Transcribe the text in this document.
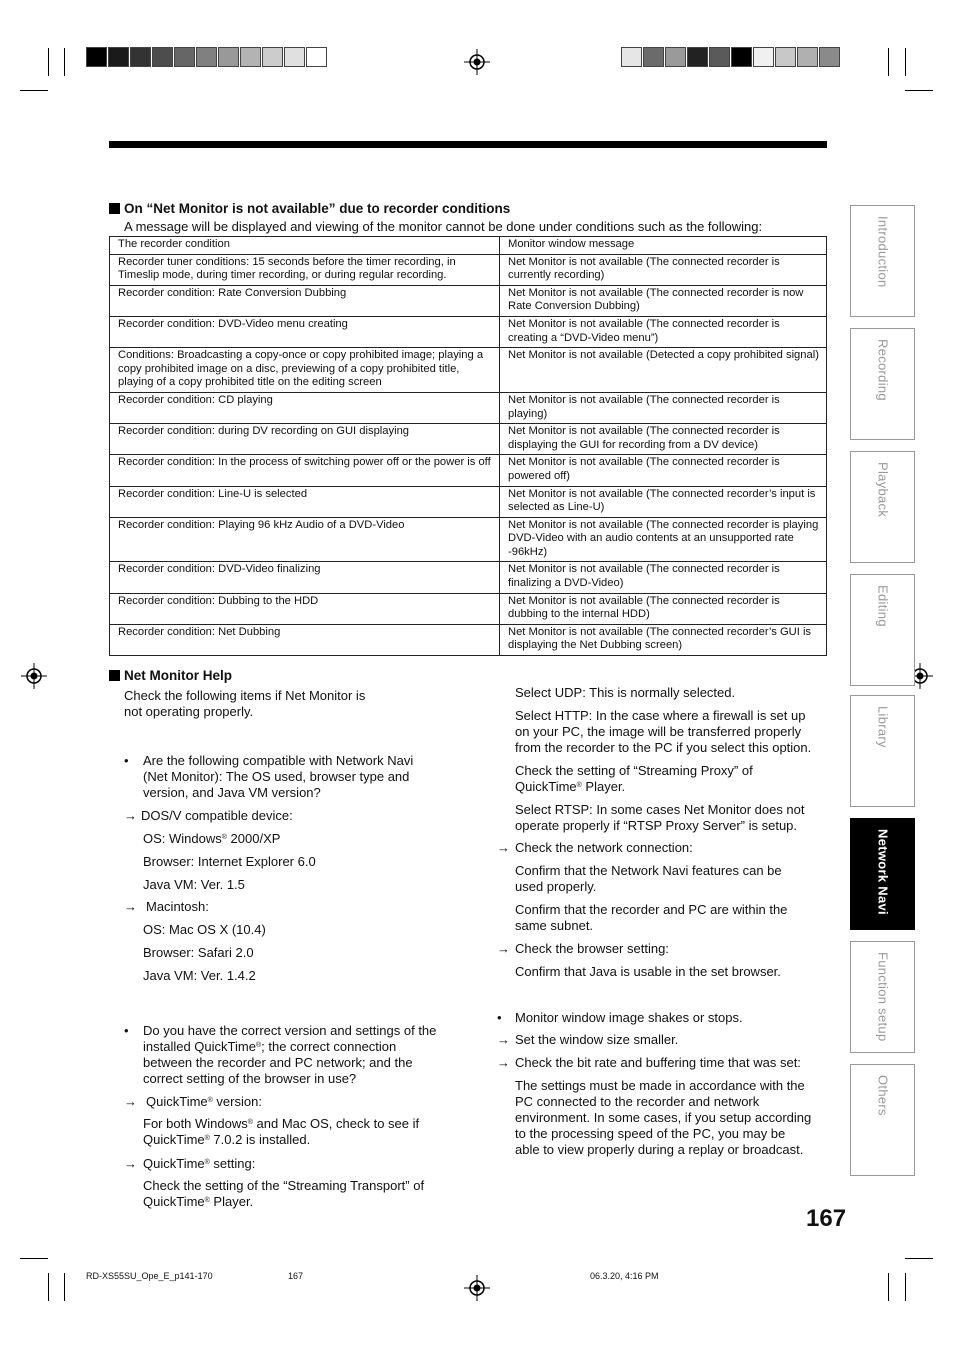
On “Net Monitor is not available” due to recorder conditions
A message will be displayed and viewing of the monitor cannot be done under conditions such as the following:
The recorder condition	Monitor window message
Recorder tuner conditions: 15 seconds before the timer recording, in Timeslip mode, during timer recording, or during regular recording.	Net Monitor is not available (The connected recorder is currently recording)
Recorder condition: Rate Conversion Dubbing	Net Monitor is not available (The connected recorder is now Rate Conversion Dubbing)
Recorder condition: DVD-Video menu creating	Net Monitor is not available (The connected recorder is creating a “DVD-Video menu”)
Conditions: Broadcasting a copy-once or copy prohibited image; playing a copy prohibited image on a disc, previewing of a copy prohibited title, playing of a copy prohibited title on the editing screen	Net Monitor is not available (Detected a copy prohibited signal)
Recorder condition: CD playing	Net Monitor is not available (The connected recorder is playing)
Recorder condition: during DV recording on GUI displaying	Net Monitor is not available (The connected recorder is displaying the GUI for recording from a DV device)
Recorder condition: In the process of switching power off or the power is off	Net Monitor is not available (The connected recorder is powered off)
Recorder condition: Line-U is selected	Net Monitor is not available (The connected recorder’s input is selected as Line-U)
Recorder condition: Playing 96 kHz Audio of a DVD-Video	Net Monitor is not available (The connected recorder is playing DVD-Video with an audio contents at an unsupported rate -96kHz)
Recorder condition: DVD-Video finalizing	Net Monitor is not available (The connected recorder is finalizing a DVD-Video)
Recorder condition: Dubbing to the HDD	Net Monitor is not available (The connected recorder is dubbing to the internal HDD)
Recorder condition: Net Dubbing	Net Monitor is not available (The connected recorder’s GUI is displaying the Net Dubbing screen)
Net Monitor Help
Check the following items if Net Monitor is
not operating properly.
• Are the following compatible with Network Navi
(Net Monitor): The OS used, browser type and
version, and Java VM version?
→ DOS/V compatible device:
OS: Windows® 2000/XP
Browser: Internet Explorer 6.0
Java VM: Ver. 1.5
→ Macintosh:
OS: Mac OS X (10.4)
Browser: Safari 2.0
Java VM: Ver. 1.4.2
• Do you have the correct version and settings of the
installed QuickTime®; the correct connection
between the recorder and PC network; and the
correct setting of the browser in use?
→ QuickTime® version:
For both Windows® and Mac OS, check to see if
QuickTime® 7.0.2 is installed.
→ QuickTime® setting:
Check the setting of the “Streaming Transport” of
QuickTime® Player.
Select UDP: This is normally selected.
Select HTTP: In the case where a firewall is set up
on your PC, the image will be transferred properly
from the recorder to the PC if you select this option.
Check the setting of “Streaming Proxy” of
QuickTime® Player.
Select RTSP: In some cases Net Monitor does not
operate properly if “RTSP Proxy Server” is setup.
→ Check the network connection:
Confirm that the Network Navi features can be
used properly.
Confirm that the recorder and PC are within the
same subnet.
→ Check the browser setting:
Confirm that Java is usable in the set browser.
• Monitor window image shakes or stops.
→ Set the window size smaller.
→ Check the bit rate and buffering time that was set:
The settings must be made in accordance with the
PC connected to the recorder and network
environment. In some cases, if you setup according
to the processing speed of the PC, you may be
able to view properly during a replay or broadcast.
Introduction
Recording
Playback
Editing
Library
Network Navi
Function setup
Others
167
RD-XS55SU_Ope_E_p141-170	167	06.3.20, 4:16 PM
